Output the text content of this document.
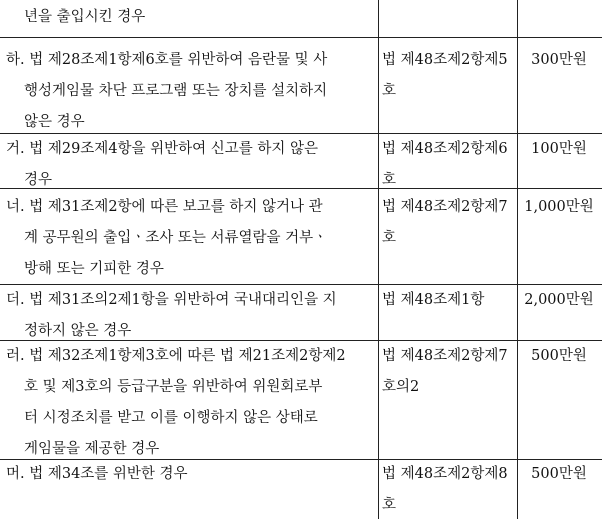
년을 출입시킨 경우
하. 법 제28조제1항제6호를 위반하여 음란물 및 사
행성게임물 차단 프로그램 또는 장치를 설치하지
않은 경우
법 제48조제2항제5
호
300만원
거. 법 제29조제4항을 위반하여 신고를 하지 않은
경우
법 제48조제2항제6
호
100만원
너. 법 제31조제2항에 따른 보고를 하지 않거나 관
계 공무원의 출입ㆍ조사 또는 서류열람을 거부ㆍ
방해 또는 기피한 경우
법 제48조제2항제7
호
1,000만원
더. 법 제31조의2제1항을 위반하여 국내대리인을 지
정하지 않은 경우
법 제48조제1항	2,000만원
러. 법 제32조제1항제3호에 따른 법 제21조제2항제2
호 및 제3호의 등급구분을 위반하여 위원회로부
터 시정조치를 받고 이를 이행하지 않은 상태로
게임물을 제공한 경우
법 제48조제2항제7
호의2
500만원
머. 법 제34조를 위반한 경우	법 제48조제2항제8
호
500만원
